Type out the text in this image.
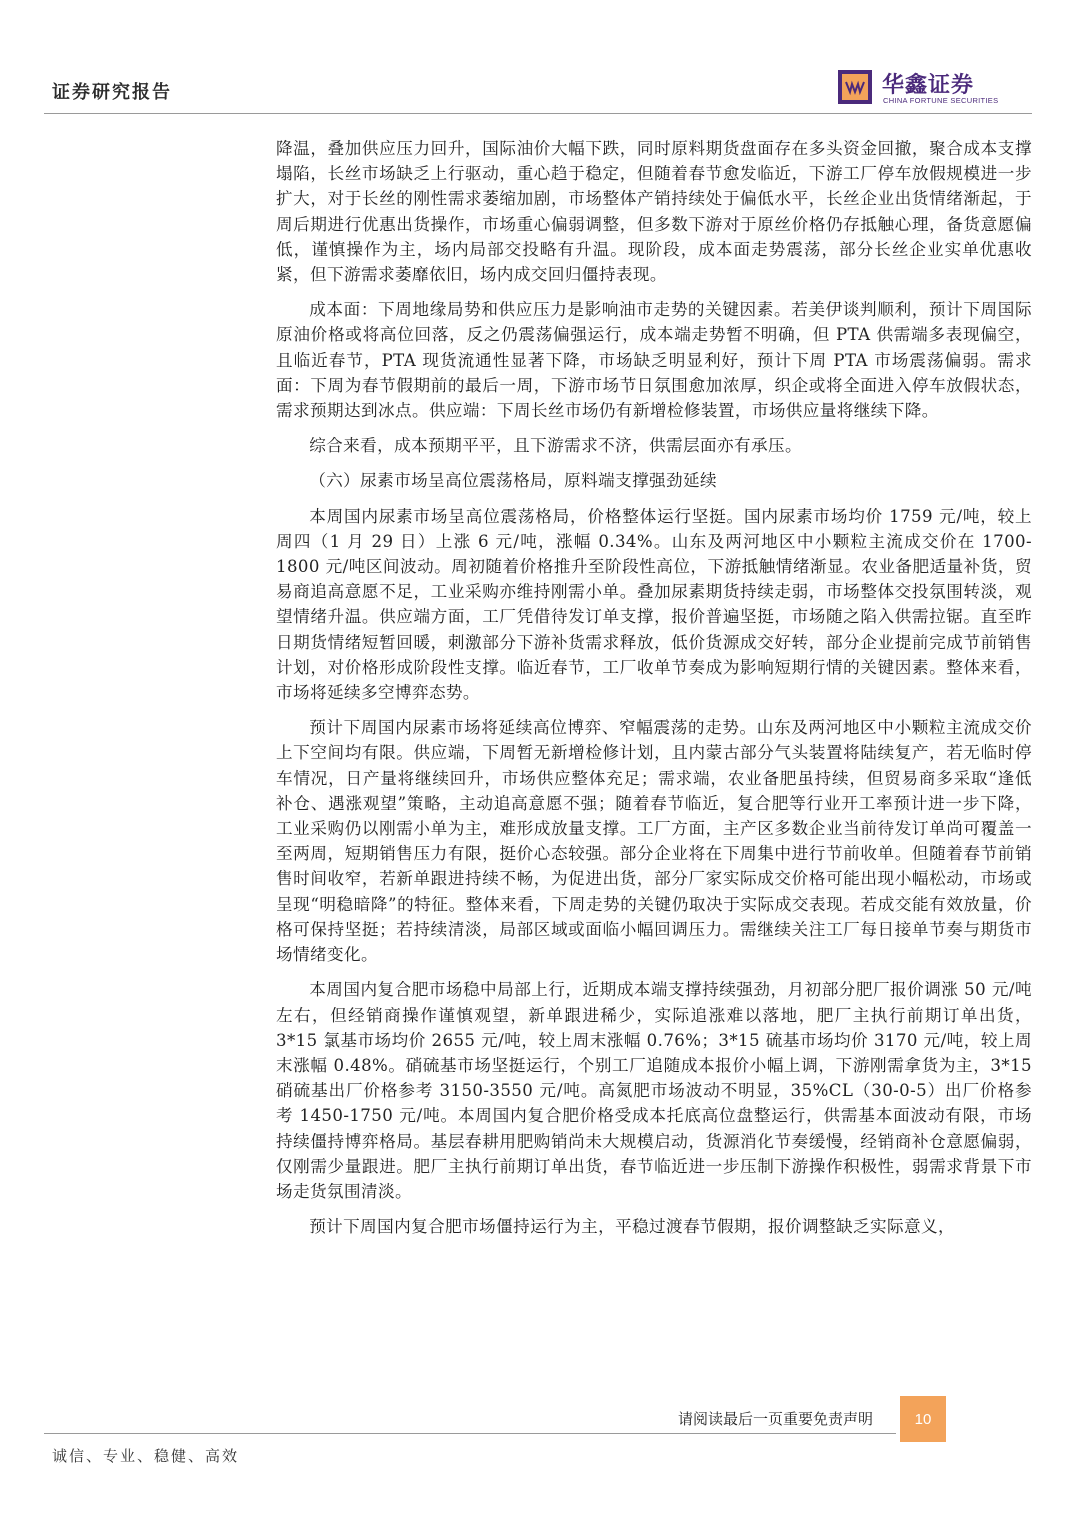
证券研究报告	华鑫证券
CHINA FORTUNE SECURITIES

降温，叠加供应压力回升，国际油价大幅下跌，同时原料期货盘面存在多头资金回撤，聚合成本支撑塌陷，长丝市场缺乏上行驱动，重心趋于稳定，但随着春节愈发临近，下游工厂停车放假规模进一步扩大，对于长丝的刚性需求萎缩加剧，市场整体产销持续处于偏低水平，长丝企业出货情绪渐起，于周后期进行优惠出货操作，市场重心偏弱调整，但多数下游对于原丝价格仍存抵触心理，备货意愿偏低，谨慎操作为主，场内局部交投略有升温。现阶段，成本面走势震荡，部分长丝企业实单优惠收紧，但下游需求萎靡依旧，场内成交回归僵持表现。

成本面：下周地缘局势和供应压力是影响油市走势的关键因素。若美伊谈判顺利，预计下周国际原油价格或将高位回落，反之仍震荡偏强运行，成本端走势暂不明确，但 PTA 供需端多表现偏空，且临近春节，PTA 现货流通性显著下降，市场缺乏明显利好，预计下周 PTA 市场震荡偏弱。需求面：下周为春节假期前的最后一周，下游市场节日氛围愈加浓厚，织企或将全面进入停车放假状态，需求预期达到冰点。供应端：下周长丝市场仍有新增检修装置，市场供应量将继续下降。

综合来看，成本预期平平，且下游需求不济，供需层面亦有承压。

（六）尿素市场呈高位震荡格局，原料端支撑强劲延续

本周国内尿素市场呈高位震荡格局，价格整体运行坚挺。国内尿素市场均价 1759 元/吨，较上周四（1 月 29 日）上涨 6 元/吨，涨幅 0.34%。山东及两河地区中小颗粒主流成交价在 1700-1800 元/吨区间波动。周初随着价格推升至阶段性高位，下游抵触情绪渐显。农业备肥适量补货，贸易商追高意愿不足，工业采购亦维持刚需小单。叠加尿素期货持续走弱，市场整体交投氛围转淡，观望情绪升温。供应端方面，工厂凭借待发订单支撑，报价普遍坚挺，市场随之陷入供需拉锯。直至昨日期货情绪短暂回暖，刺激部分下游补货需求释放，低价货源成交好转，部分企业提前完成节前销售计划，对价格形成阶段性支撑。临近春节，工厂收单节奏成为影响短期行情的关键因素。整体来看，市场将延续多空博弈态势。

预计下周国内尿素市场将延续高位博弈、窄幅震荡的走势。山东及两河地区中小颗粒主流成交价上下空间均有限。供应端，下周暂无新增检修计划，且内蒙古部分气头装置将陆续复产，若无临时停车情况，日产量将继续回升，市场供应整体充足；需求端，农业备肥虽持续，但贸易商多采取“逢低补仓、遇涨观望”策略，主动追高意愿不强；随着春节临近，复合肥等行业开工率预计进一步下降，工业采购仍以刚需小单为主，难形成放量支撑。工厂方面，主产区多数企业当前待发订单尚可覆盖一至两周，短期销售压力有限，挺价心态较强。部分企业将在下周集中进行节前收单。但随着春节前销售时间收窄，若新单跟进持续不畅，为促进出货，部分厂家实际成交价格可能出现小幅松动，市场或呈现“明稳暗降”的特征。整体来看，下周走势的关键仍取决于实际成交表现。若成交能有效放量，价格可保持坚挺；若持续清淡，局部区域或面临小幅回调压力。需继续关注工厂每日接单节奏与期货市场情绪变化。

本周国内复合肥市场稳中局部上行，近期成本端支撑持续强劲，月初部分肥厂报价调涨 50 元/吨左右，但经销商操作谨慎观望，新单跟进稀少，实际追涨难以落地，肥厂主执行前期订单出货， 3*15 氯基市场均价 2655 元/吨，较上周末涨幅 0.76%；3*15 硫基市场均价 3170 元/吨，较上周末涨幅 0.48%。硝硫基市场坚挺运行，个别工厂追随成本报价小幅上调，下游刚需拿货为主，3*15 硝硫基出厂价格参考 3150-3550 元/吨。高氮肥市场波动不明显，35%CL（30-0-5）出厂价格参考 1450-1750 元/吨。本周国内复合肥价格受成本托底高位盘整运行，供需基本面波动有限，市场持续僵持博弈格局。基层春耕用肥购销尚未大规模启动，货源消化节奏缓慢，经销商补仓意愿偏弱，仅刚需少量跟进。肥厂主执行前期订单出货，春节临近进一步压制下游操作积极性，弱需求背景下市场走货氛围清淡。

预计下周国内复合肥市场僵持运行为主，平稳过渡春节假期，报价调整缺乏实际意义，

请阅读最后一页重要免责声明	10
诚信、专业、稳健、高效
